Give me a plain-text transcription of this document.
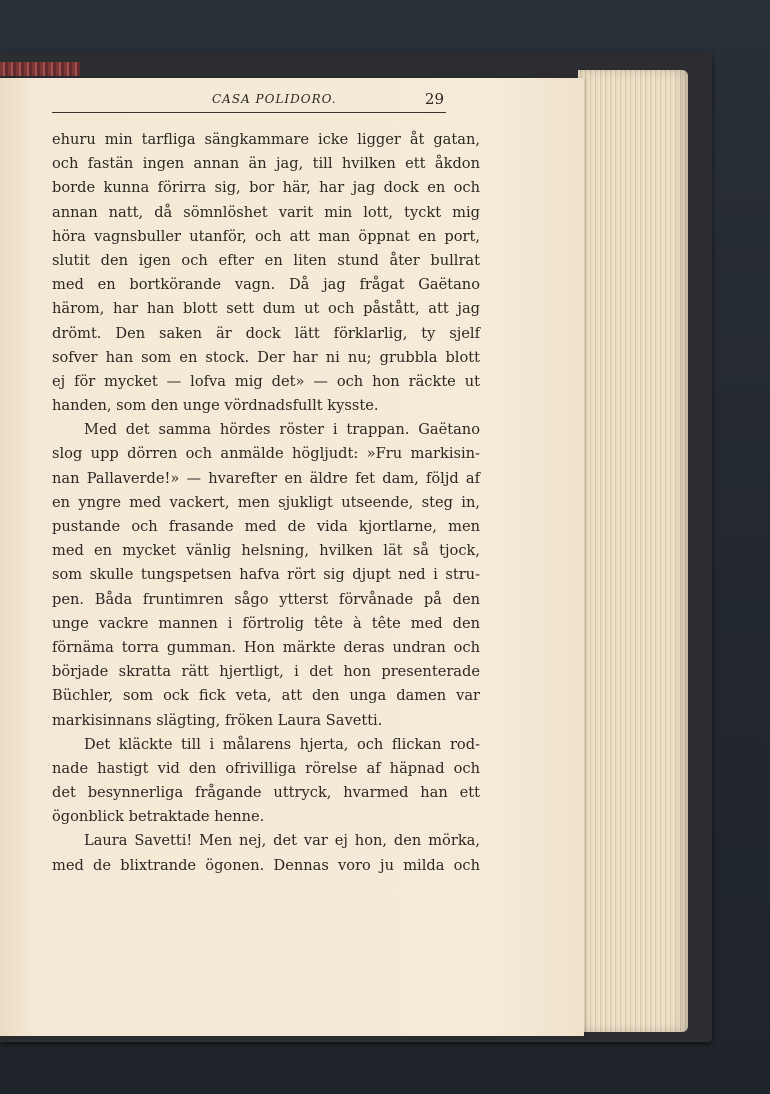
CASA POLIDORO.	29
ehuru min tarfliga sängkammare icke ligger åt gatan,
och fastän ingen annan än jag, till hvilken ett åkdon
borde kunna förirra sig, bor här, har jag dock en och
annan natt, då sömnlöshet varit min lott, tyckt mig
höra vagnsbuller utanför, och att man öppnat en port,
slutit den igen och efter en liten stund åter bullrat
med en bortkörande vagn. Då jag frågat Gaëtano
härom, har han blott sett dum ut och påstått, att jag
drömt. Den saken är dock lätt förklarlig, ty sjelf
sofver han som en stock. Der har ni nu; grubbla blott
ej för mycket — lofva mig det» — och hon räckte ut
handen, som den unge vördnadsfullt kysste.
Med det samma hördes röster i trappan. Gaëtano
slog upp dörren och anmälde högljudt: »Fru markisin-
nan Pallaverde!» — hvarefter en äldre fet dam, följd af
en yngre med vackert, men sjukligt utseende, steg in,
pustande och frasande med de vida kjortlarne, men
med en mycket vänlig helsning, hvilken lät så tjock,
som skulle tungspetsen hafva rört sig djupt ned i stru-
pen. Båda fruntimren sågo ytterst förvånade på den
unge vackre mannen i förtrolig tête à tête med den
förnäma torra gumman. Hon märkte deras undran och
började skratta rätt hjertligt, i det hon presenterade
Büchler, som ock fick veta, att den unga damen var
markisinnans slägting, fröken Laura Savetti.
Det kläckte till i målarens hjerta, och flickan rod-
nade hastigt vid den ofrivilliga rörelse af häpnad och
det besynnerliga frågande uttryck, hvarmed han ett
ögonblick betraktade henne.
Laura Savetti! Men nej, det var ej hon, den mörka,
med de blixtrande ögonen. Dennas voro ju milda och
